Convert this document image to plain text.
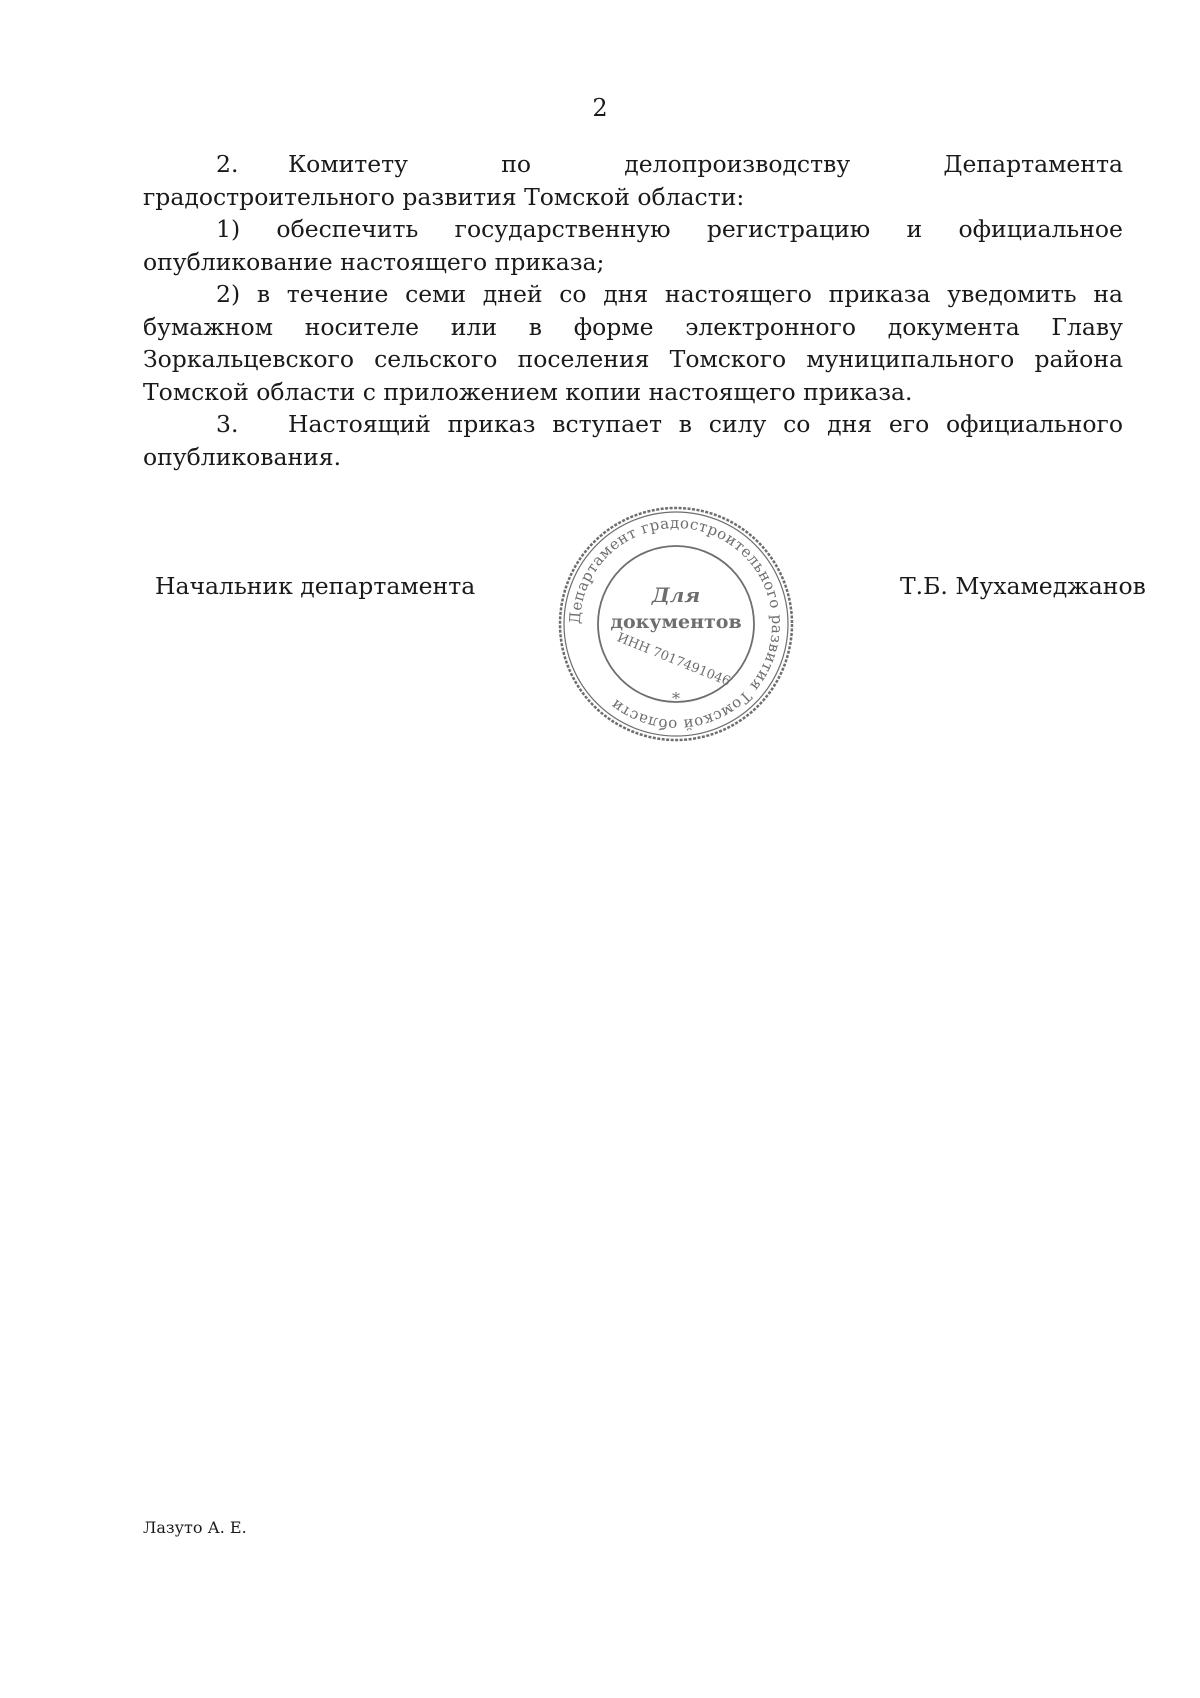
2

2. Комитету по делопроизводству Департамента градостроительного развития Томской области:

1) обеспечить государственную регистрацию и официальное

опубликование настоящего приказа;

2) в течение семи дней со дня настоящего приказа уведомить на бумажном носителе или в форме электронного документа Главу Зоркальцевского сельского поселения Томского муниципального района Томской области с приложением копии настоящего приказа.

3. Настоящий приказ вступает в силу со дня его официального опубликования.

Начальник департамента	Т.Б. Мухамеджанов
Департамент градостроительного развития Томской области
Для
документов
ИНН 7017491046
*
Лазуто А. Е.
